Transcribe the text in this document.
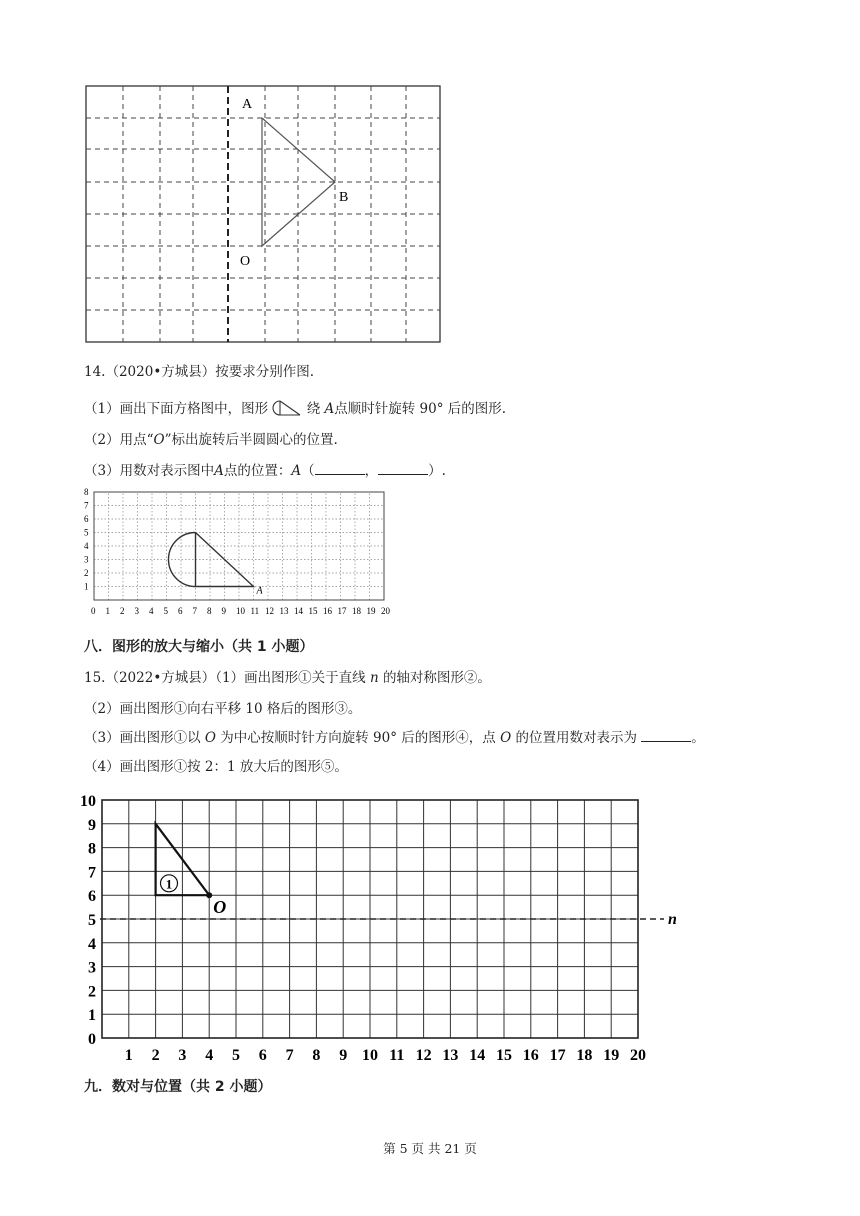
A
B
O
14.（2020•方城县）按要求分别作图.
（1）画出下面方格图中，图形	绕 A点顺时针旋转 90° 后的图形.
（2）用点“O”标出旋转后半圆圆心的位置.
（3）用数对表示图中A点的位置：A（	，	）.
8
7
6
5
4
3
2
1
0 1 2 3 4 5 6 7 8 9 10 11 12 13 14 15 16 17 18 19 20
A
八．图形的放大与缩小（共 1 小题）
15.（2022•方城县）（1）画出图形①关于直线 n 的轴对称图形②。
（2）画出图形①向右平移 10 格后的图形③。
（3）画出图形①以 O 为中心按顺时针方向旋转 90° 后的图形④，点 O 的位置用数对表示为	。
（4）画出图形①按 2：1 放大后的图形⑤。
10
9
8
7
6
5
4
3
2
1
0
1 2 3 4 5 6 7 8 9 10 11 12 13 14 15 16 17 18 19 20
n
1
O
九．数对与位置（共 2 小题）
第 5 页 共 21 页
